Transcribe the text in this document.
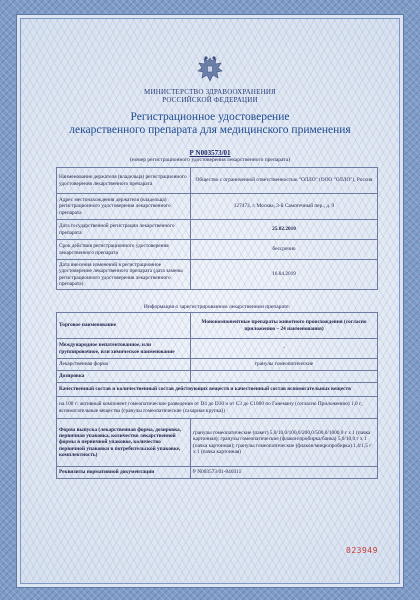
МИНИСТЕРСТВО ЗДРАВООХРАНЕНИЯ
РОССИЙСКОЙ ФЕДЕРАЦИИ
Регистрационное удостоверение
лекарственного препарата для медицинского применения
Р N003573/01
(номер регистрационного удостоверения лекарственного препарата)
Наименование держателя (владельца) регистрационного удостоверения лекарственного препарата	Общество с ограниченной ответственностью "ОЛЛО" (ООО "ОЛЛО"), Россия
Адрес местонахождения держателя (владельца) регистрационного удостоверения лекарственного препарата	127473, г. Москва, 3-й Самотечный пер., д. 9
Дата государственной регистрации лекарственного препарата	25.02.2010
Срок действия регистрационного удостоверения лекарственного препарата	бессрочно
Дата внесения изменений в регистрационное удостоверение лекарственного препарата (дата замены регистрационного удостоверения лекарственного препарата)	16.04.2019
Информация о зарегистрированном лекарственном препарате:
Торговое наименование	Монокомпонентные препараты животного происхождения (согласно приложению – 24 наименования)
Международное непатентованное, или группировочное, или химическое наименование	-
Лекарственная форма	гранулы гомеопатические
Дозировка	
Качественный состав и количественный состав действующих веществ и качественный состав вспомогательных веществ	
на 100 г: активный компонент гомеопатические разведения от D4 до D30 и от C3 до C1000 по Ганеману (согласно Приложению) 1,0 г, вспомогательные вещества (гранулы гомеопатические (сахарная крупка))	
Форма выпуска (лекарственная форма, дозировка, первичная упаковка, количество лекарственной формы в первичной упаковке, количество первичной упаковки в потребительской упаковке, комплектность)	гранулы гомеопатические (пакет) 5,0/10,0/100,0/200,0/500,0/1000,0 г х 1 (пачка картонная); гранулы гомеопатические (флакон/пробирка/банка) 5,0/10,0 г х 1 (пачка картонная); гранулы гомеопатические (флакон/микропробирка) 1,4/1,5 г х 1 (пачка картонная)
Реквизиты нормативной документации	Р N003573/01-040311
023949
